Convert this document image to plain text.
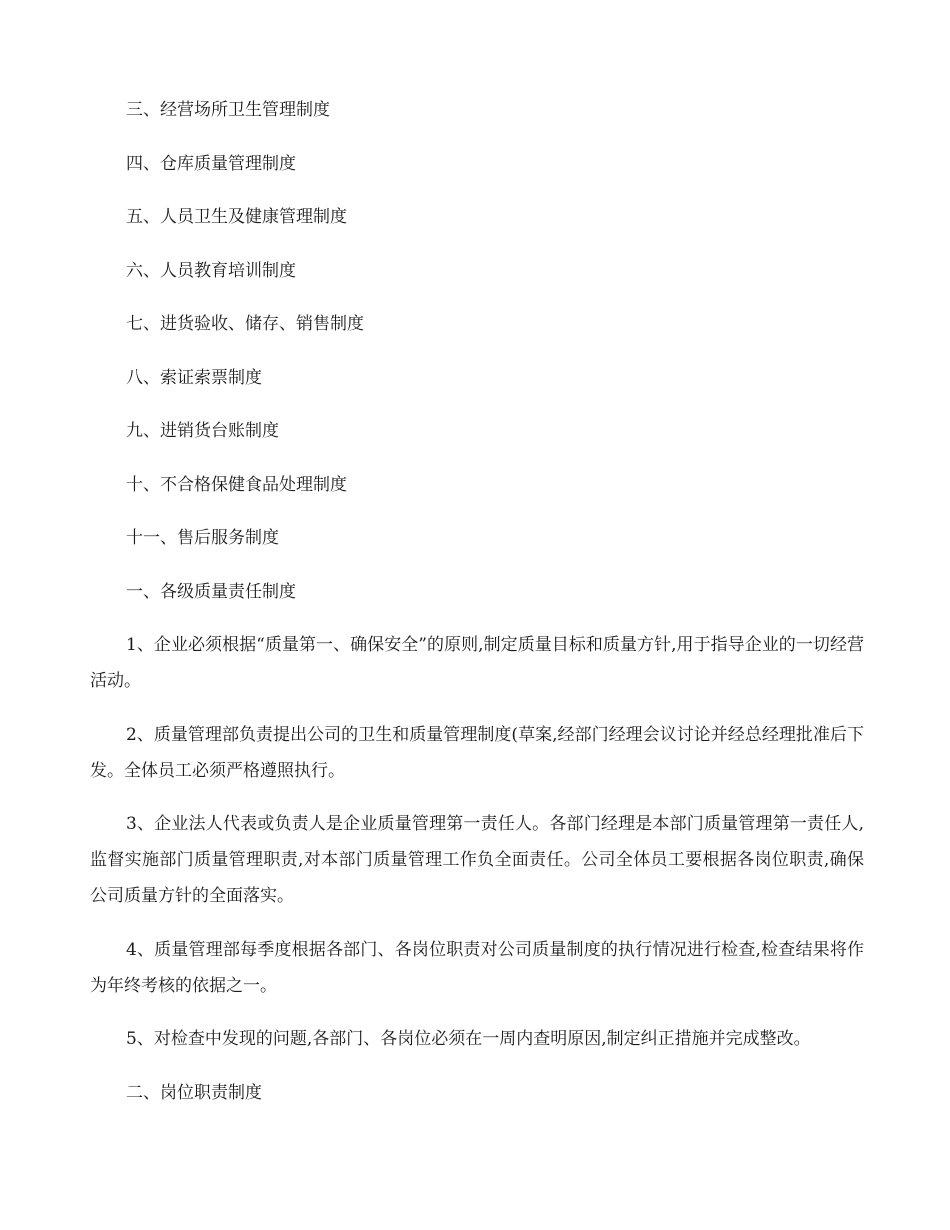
三、经营场所卫生管理制度

四、仓库质量管理制度

五、人员卫生及健康管理制度

六、人员教育培训制度

七、进货验收、储存、销售制度

八、索证索票制度

九、进销货台账制度

十、不合格保健食品处理制度

十一、售后服务制度

一、各级质量责任制度

1、企业必须根据“质量第一、确保安全”的原则,制定质量目标和质量方针,用于指导企业的一切经营活动。

2、质量管理部负责提出公司的卫生和质量管理制度(草案,经部门经理会议讨论并经总经理批准后下发。全体员工必须严格遵照执行。

3、企业法人代表或负责人是企业质量管理第一责任人。各部门经理是本部门质量管理第一责任人,监督实施部门质量管理职责,对本部门质量管理工作负全面责任。公司全体员工要根据各岗位职责,确保公司质量方针的全面落实。

4、质量管理部每季度根据各部门、各岗位职责对公司质量制度的执行情况进行检查,检查结果将作为年终考核的依据之一。

5、对检查中发现的问题,各部门、各岗位必须在一周内查明原因,制定纠正措施并完成整改。

二、岗位职责制度
